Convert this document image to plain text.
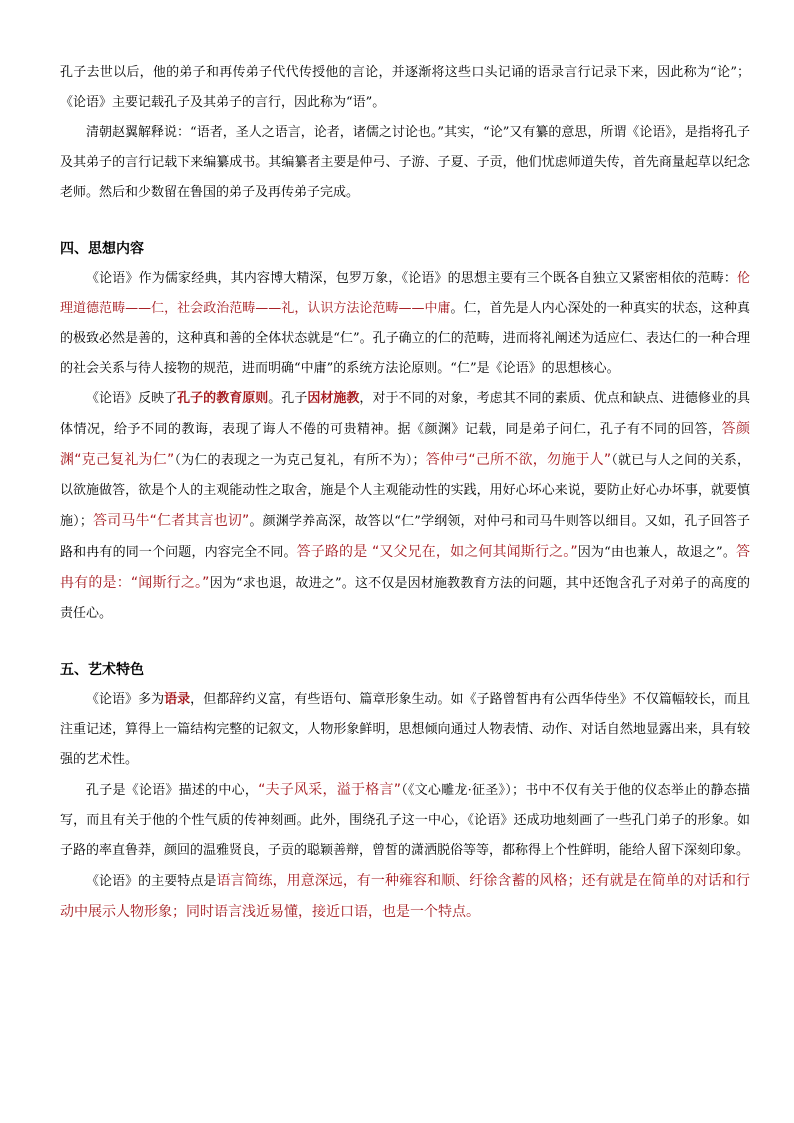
孔子去世以后，他的弟子和再传弟子代代传授他的言论，并逐渐将这些口头记诵的语录言行记录下来，因此称为“论”；《论语》主要记载孔子及其弟子的言行，因此称为“语”。

清朝赵翼解释说：“语者，圣人之语言，论者，诸儒之讨论也。”其实，“论”又有纂的意思，所谓《论语》，是指将孔子及其弟子的言行记载下来编纂成书。其编纂者主要是仲弓、子游、子夏、子贡，他们忧虑师道失传，首先商量起草以纪念老师。然后和少数留在鲁国的弟子及再传弟子完成。

四、思想内容

《论语》作为儒家经典，其内容博大精深，包罗万象，《论语》的思想主要有三个既各自独立又紧密相依的范畴：伦理道德范畴——仁，社会政治范畴——礼，认识方法论范畴——中庸。仁，首先是人内心深处的一种真实的状态，这种真的极致必然是善的，这种真和善的全体状态就是“仁”。孔子确立的仁的范畴，进而将礼阐述为适应仁、表达仁的一种合理的社会关系与待人接物的规范，进而明确“中庸”的系统方法论原则。“仁”是《论语》的思想核心。

《论语》反映了孔子的教育原则。孔子因材施教，对于不同的对象，考虑其不同的素质、优点和缺点、进德修业的具体情况，给予不同的教诲，表现了诲人不倦的可贵精神。据《颜渊》记载，同是弟子问仁，孔子有不同的回答，答颜渊“克己复礼为仁”（为仁的表现之一为克己复礼，有所不为）；答仲弓“己所不欲，勿施于人”（就已与人之间的关系，以欲施做答，欲是个人的主观能动性之取舍，施是个人主观能动性的实践，用好心坏心来说，要防止好心办坏事，就要慎施）；答司马牛“仁者其言也讱”。颜渊学养高深，故答以“仁”学纲领，对仲弓和司马牛则答以细目。又如，孔子回答子路和冉有的同一个问题，内容完全不同。答子路的是 “又父兄在，如之何其闻斯行之。”因为“由也兼人，故退之”。答冉有的是：“闻斯行之。”因为“求也退，故进之”。这不仅是因材施教教育方法的问题，其中还饱含孔子对弟子的高度的责任心。

五、艺术特色

《论语》多为语录，但都辞约义富，有些语句、篇章形象生动。如《子路曾皙冉有公西华侍坐》不仅篇幅较长，而且注重记述，算得上一篇结构完整的记叙文，人物形象鲜明，思想倾向通过人物表情、动作、对话自然地显露出来，具有较强的艺术性。

孔子是《论语》描述的中心，“夫子风采，溢于格言”（《文心雕龙·征圣》）；书中不仅有关于他的仪态举止的静态描写，而且有关于他的个性气质的传神刻画。此外，围绕孔子这一中心，《论语》还成功地刻画了一些孔门弟子的形象。如子路的率直鲁莽，颜回的温雅贤良，子贡的聪颖善辩，曾皙的潇洒脱俗等等，都称得上个性鲜明，能给人留下深刻印象。

《论语》的主要特点是语言简练，用意深远，有一种雍容和顺、纡徐含蓄的风格；还有就是在简单的对话和行动中展示人物形象；同时语言浅近易懂，接近口语，也是一个特点。
